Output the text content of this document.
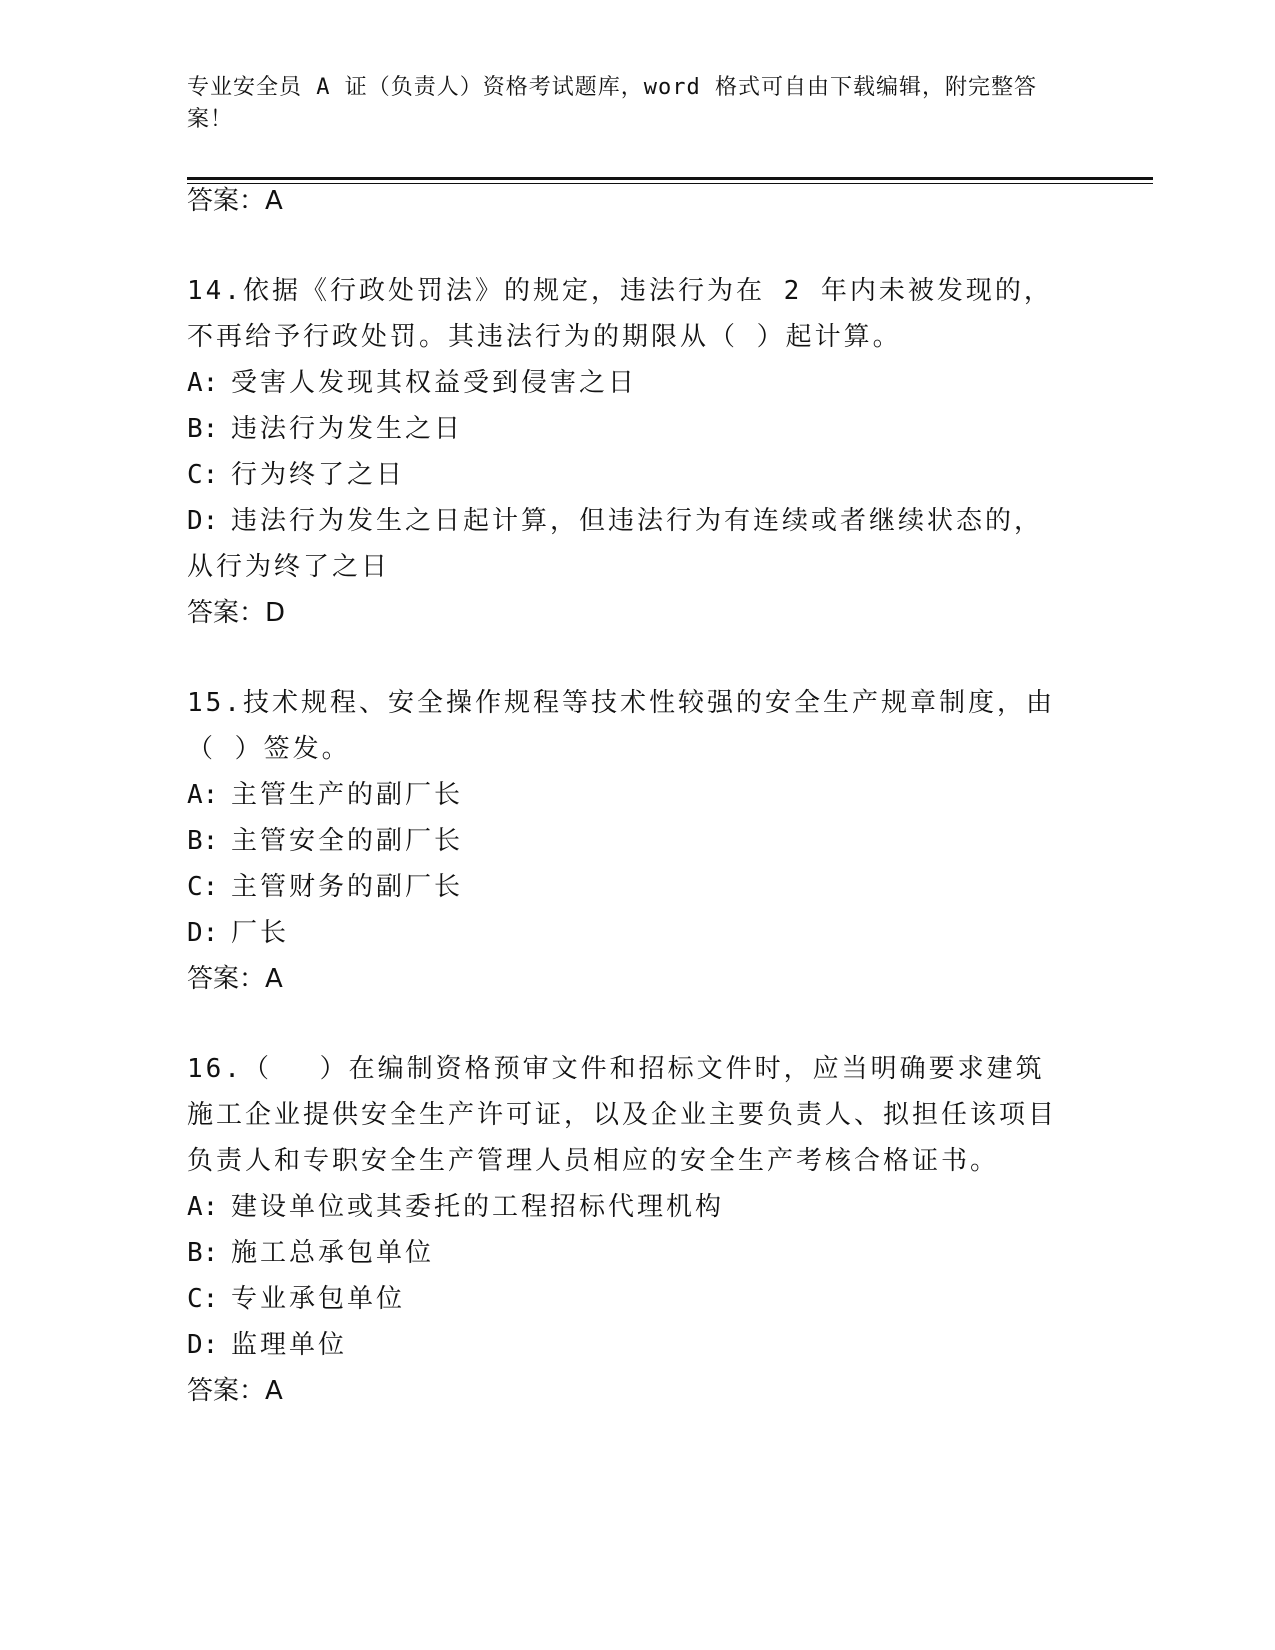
专业安全员 A 证（负责人）资格考试题库，word 格式可自由下载编辑，附完整答案！
答案：A
14.依据《行政处罚法》的规定，违法行为在 2 年内未被发现的，不再给予行政处罚。其违法行为的期限从（ ）起计算。
A: 受害人发现其权益受到侵害之日
B: 违法行为发生之日
C: 行为终了之日
D: 违法行为发生之日起计算，但违法行为有连续或者继续状态的，从行为终了之日
答案：D
15.技术规程、安全操作规程等技术性较强的安全生产规章制度，由（ ）签发。
A: 主管生产的副厂长
B: 主管安全的副厂长
C: 主管财务的副厂长
D: 厂长
答案：A
16.（　 ）在编制资格预审文件和招标文件时，应当明确要求建筑施工企业提供安全生产许可证，以及企业主要负责人、拟担任该项目负责人和专职安全生产管理人员相应的安全生产考核合格证书。
A: 建设单位或其委托的工程招标代理机构
B: 施工总承包单位
C: 专业承包单位
D: 监理单位
答案：A
